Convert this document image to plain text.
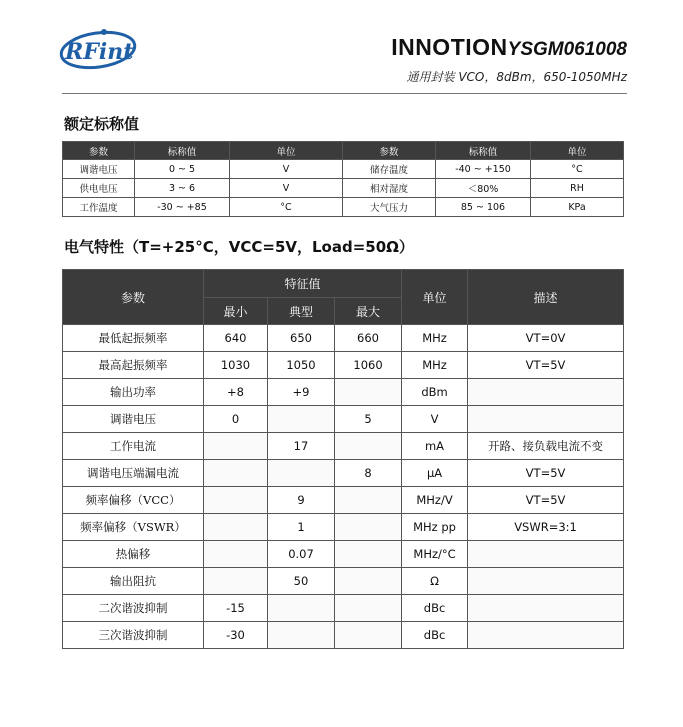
RFint	INNOTIONYSGM061008
通用封装 VCO，8dBm，650-1050MHz
额定标称值
参数	标称值	单位	参数	标称值	单位
调谐电压	0 ~ 5	V	储存温度	-40 ~ +150	°C
供电电压	3 ~ 6	V	相对湿度	＜80%	RH
工作温度	-30 ~ +85	°C	大气压力	85 ~ 106	KPa
电气特性（T=+25°C，VCC=5V，Load=50Ω）
参数	特征值			单位	描述
	最小	典型	最大		
最低起振频率	640	650	660	MHz	VT=0V
最高起振频率	1030	1050	1060	MHz	VT=5V
输出功率	+8	+9		dBm	
调谐电压	0		5	V	
工作电流		17		mA	开路、接负载电流不变
调谐电压端漏电流			8	μA	VT=5V
频率偏移（VCC）		9		MHz/V	VT=5V
频率偏移（VSWR）		1		MHz pp	VSWR=3:1
热偏移		0.07		MHz/°C	
输出阻抗		50		Ω	
二次谐波抑制	-15			dBc	
三次谐波抑制	-30			dBc	
